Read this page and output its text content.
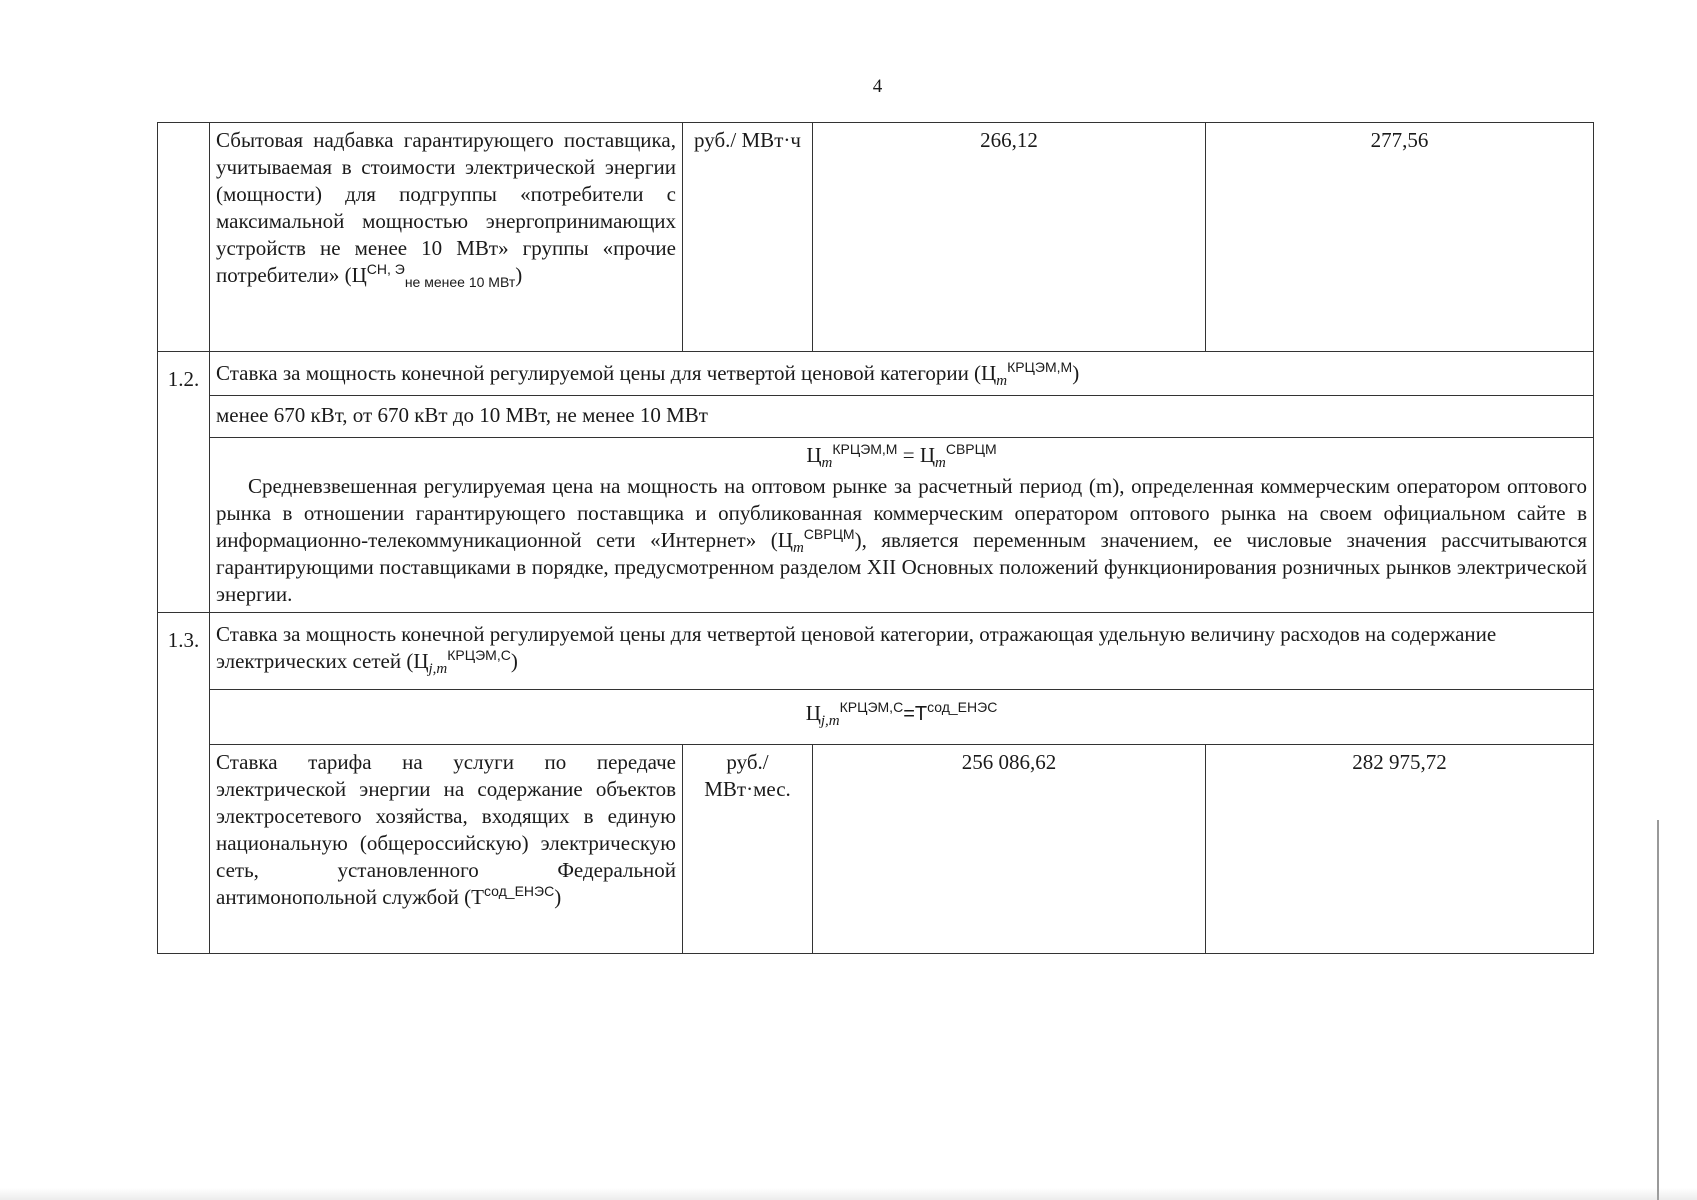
4
	Сбытовая надбавка гарантирующего поставщика, учитываемая в стоимости электрической энергии (мощности) для подгруппы «потребители с максимальной мощностью энергопринимающих устройств не менее 10 МВт» группы «прочие потребители» $(Ц^{СН, Э}_{не менее 10 МВт})$	руб./ МВт·ч	266,12	277,56
1.2.	Ставка за мощность конечной регулируемой цены для четвертой ценовой категории $(Ц_m^{КРЦЭМ,М})$			
	менее 670 кВт, от 670 кВт до 10 МВт, не менее 10 МВт			

	$Ц_m^{КРЦЭМ,М} = Ц_m^{СВРЦМ}$
Средневзвешенная регулируемая цена на мощность на оптовом рынке за расчетный период (m), определенная коммерческим оператором оптового рынка в отношении гарантирующего поставщика и опубликованная коммерческим оператором оптового рынка на своем официальном сайте в информационно-телекоммуникационной сети «Интернет» $(Ц_m^{СВРЦМ})$, является переменным значением, ее числовые значения рассчитываются гарантирующими поставщиками в порядке, предусмотренном разделом XII Основных положений функционирования розничных рынков электрической энергии.			

1.3.	Ставка за мощность конечной регулируемой цены для четвертой ценовой категории, отражающая удельную величину расходов на содержание электрических сетей $(Ц_{j,m}^{КРЦЭМ,С})$			
	$Ц_{j,m}^{КРЦЭМ,С}=Т^{сод\_ЕНЭС}$
	Ставка тарифа на услуги по передаче электрической энергии на содержание объектов электросетевого хозяйства, входящих в единую национальную (общероссийскую) электрическую сеть, установленного Федеральной антимонопольной службой $(Т^{сод\_ЕНЭС})$	руб./ МВт·мес.	256 086,62	282 975,72
